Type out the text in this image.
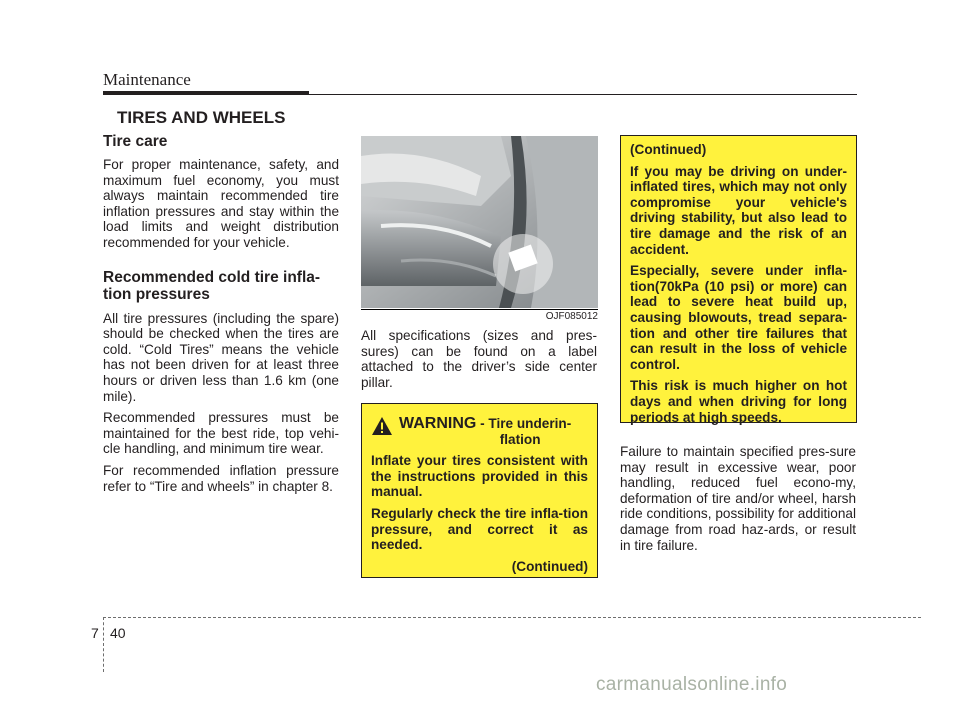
Maintenance
TIRES AND WHEELS
Tire care

For proper maintenance, safety, and maximum fuel economy, you must always maintain recommended tire inflation pressures and stay within the load limits and weight distribution recommended for your vehicle.

Recommended cold tire infla-
tion pressures

All tire pressures (including the spare) should be checked when the tires are cold. “Cold Tires” means the vehicle has not been driven for at least three hours or driven less than 1.6 km (one mile).

Recommended pressures must be maintained for the best ride, top vehi-cle handling, and minimum tire wear.

For recommended inflation pressure refer to “Tire and wheels” in chapter 8.

OJF085012

All specifications (sizes and pres-sures) can be found on a label attached to the driver’s side center pillar.

WARNING - Tire underin-
flation

Inflate your tires consistent with the instructions provided in this manual.

Regularly check the tire infla-tion pressure, and correct it as needed.

(Continued)

(Continued)

If you may be driving on under-inflated tires, which may not only compromise your vehicle's driving stability, but also lead to tire damage and the risk of an accident.

Especially, severe under infla-tion(70kPa (10 psi) or more) can lead to severe heat build up, causing blowouts, tread separa-tion and other tire failures that can result in the loss of vehicle control.

This risk is much higher on hot days and when driving for long periods at high speeds.

Failure to maintain specified pres-sure may result in excessive wear, poor handling, reduced fuel econo-my, deformation of tire and/or wheel, harsh ride conditions, possibility for additional damage from road haz-ards, or result in tire failure.

7 40
carmanualsonline.info
